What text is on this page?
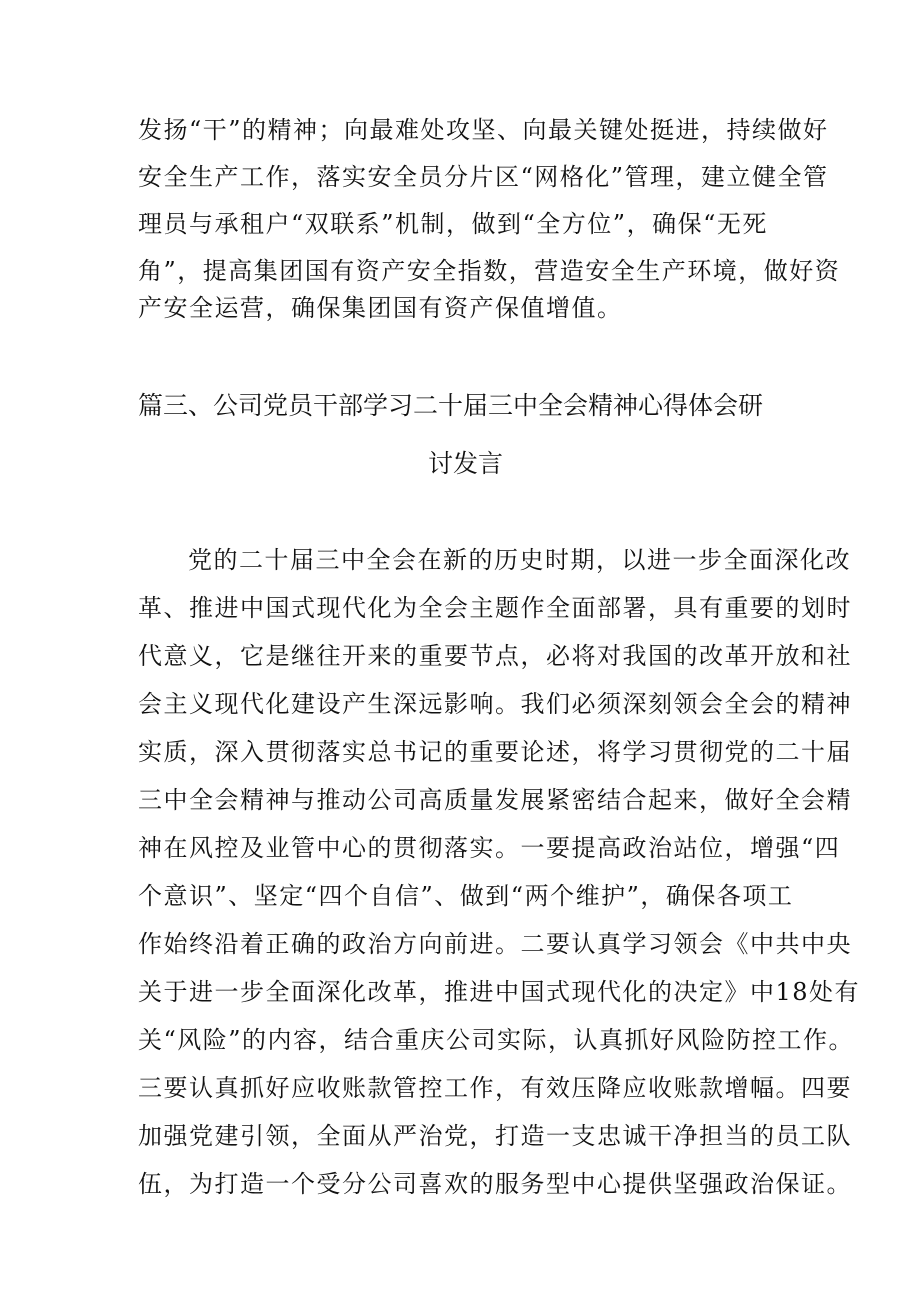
发扬“干”的精神；向最难处攻坚、向最关键处挺进，持续做好
安全生产工作，落实安全员分片区“网格化”管理，建立健全管
理员与承租户“双联系”机制，做到“全方位”，确保“无死
角”，提高集团国有资产安全指数，营造安全生产环境，做好资
产安全运营，确保集团国有资产保值增值。
篇三、公司党员干部学习二十届三中全会精神心得体会研
讨发言
党的二十届三中全会在新的历史时期，以进一步全面深化改
革、推进中国式现代化为全会主题作全面部署，具有重要的划时
代意义，它是继往开来的重要节点，必将对我国的改革开放和社
会主义现代化建设产生深远影响。我们必须深刻领会全会的精神
实质，深入贯彻落实总书记的重要论述，将学习贯彻党的二十届
三中全会精神与推动公司高质量发展紧密结合起来，做好全会精
神在风控及业管中心的贯彻落实。一要提高政治站位，增强“四
个意识”、坚定“四个自信”、做到“两个维护”，确保各项工
作始终沿着正确的政治方向前进。二要认真学习领会《中共中央
关于进一步全面深化改革，推进中国式现代化的决定》中18处有
关“风险”的内容，结合重庆公司实际，认真抓好风险防控工作。
三要认真抓好应收账款管控工作，有效压降应收账款增幅。四要
加强党建引领，全面从严治党，打造一支忠诚干净担当的员工队
伍，为打造一个受分公司喜欢的服务型中心提供坚强政治保证。
